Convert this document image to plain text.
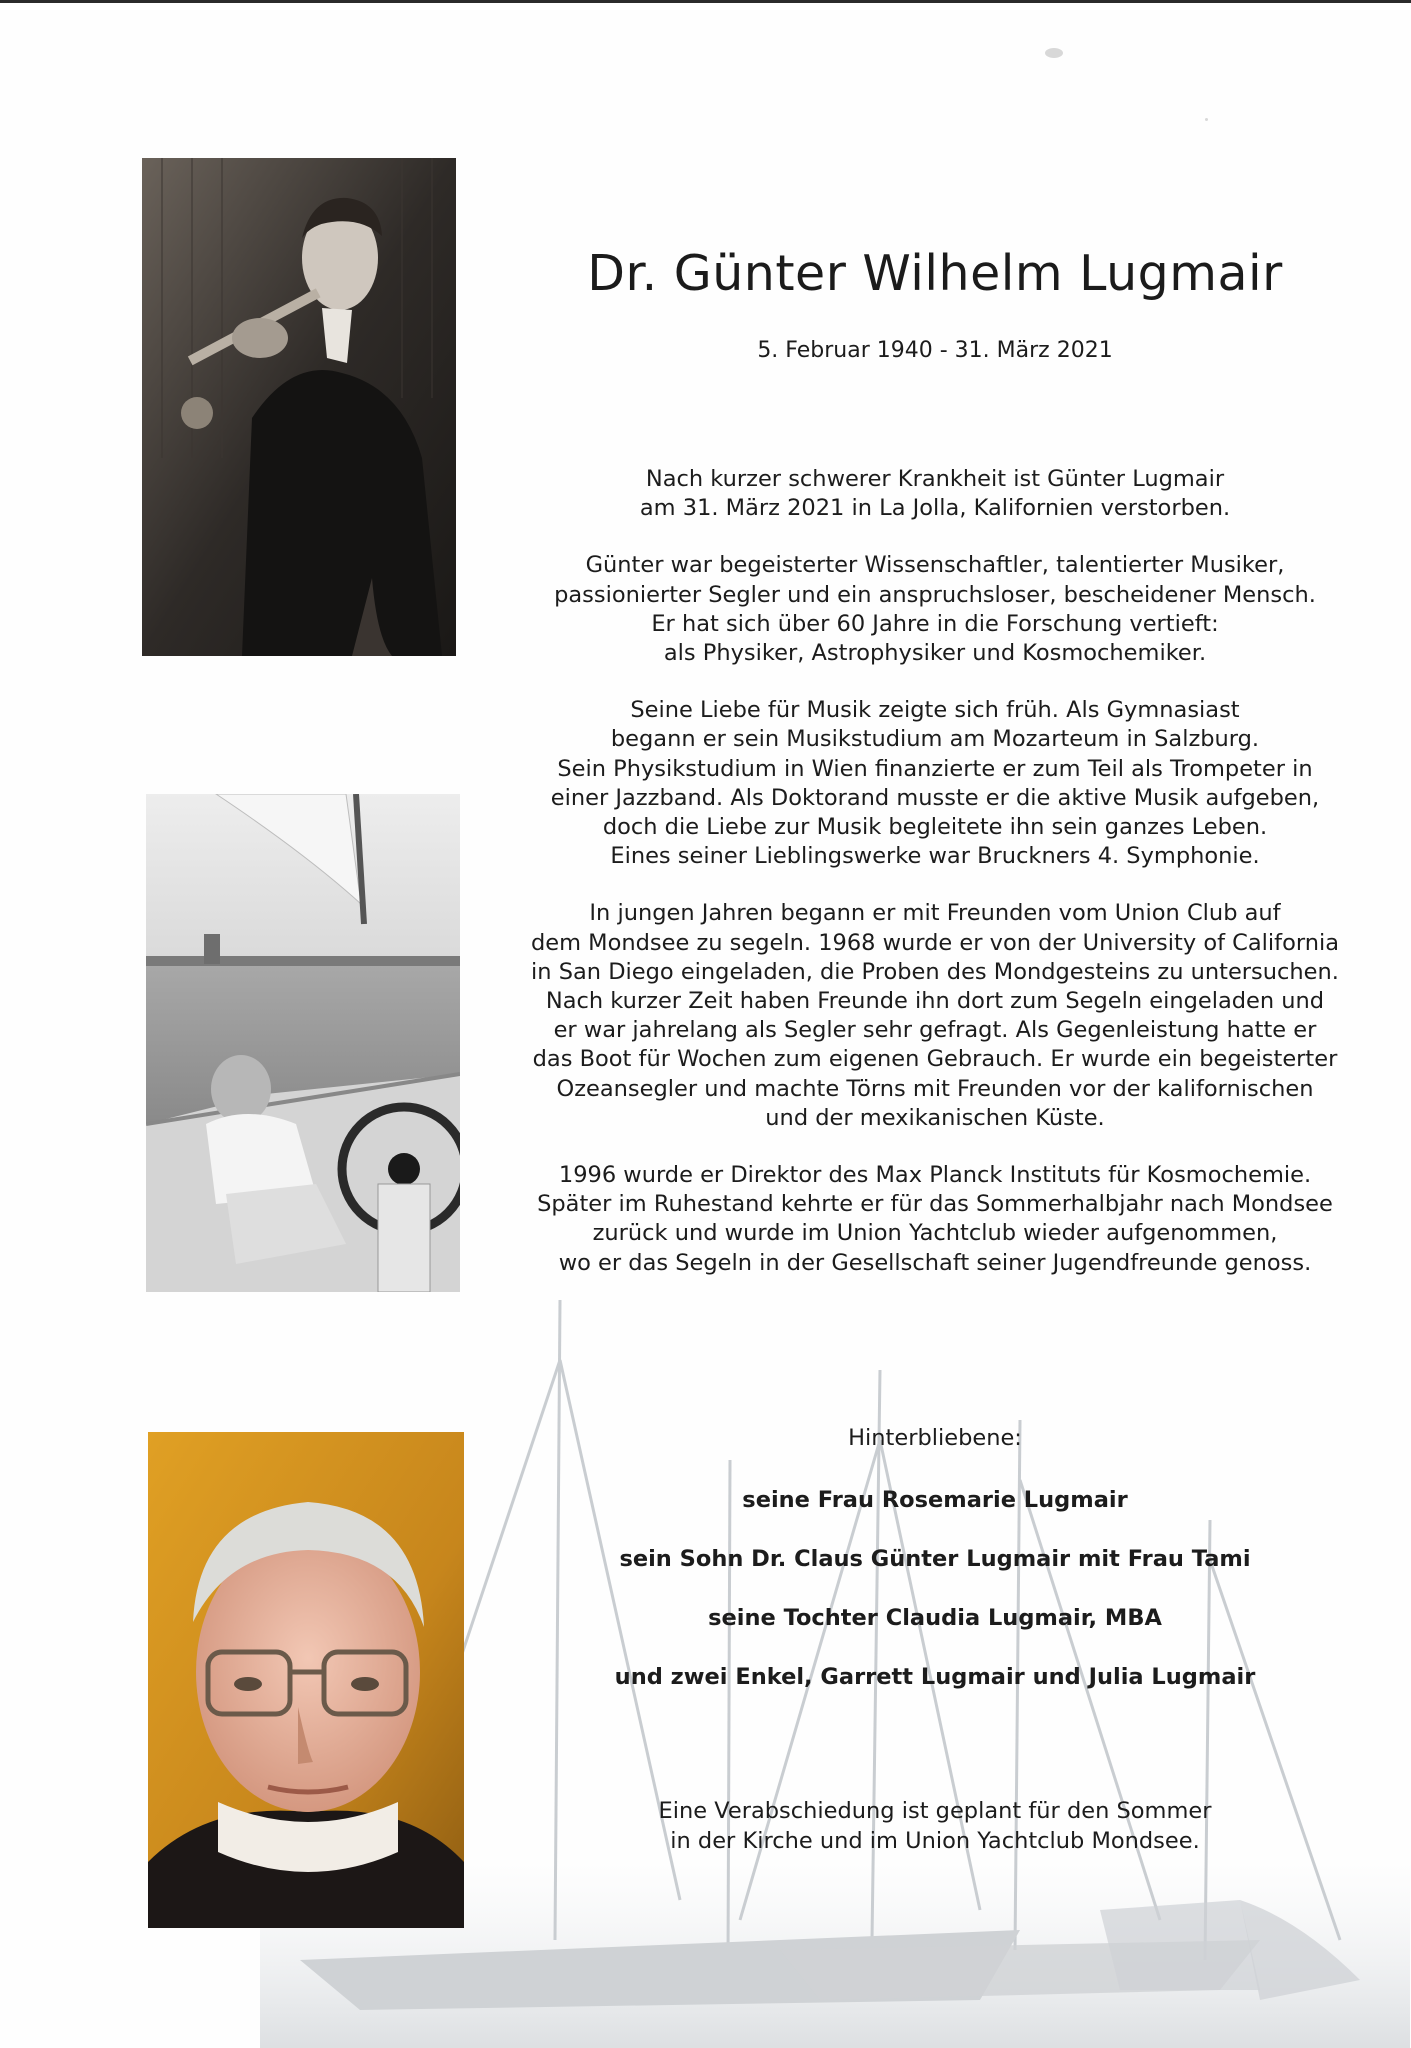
Dr. Günter Wilhelm Lugmair

5. Februar 1940 - 31. März 2021

Nach kurzer schwerer Krankheit ist Günter Lugmair
am 31. März 2021 in La Jolla, Kalifornien verstorben.

Günter war begeisterter Wissenschaftler, talentierter Musiker,
passionierter Segler und ein anspruchsloser, bescheidener Mensch.
Er hat sich über 60 Jahre in die Forschung vertieft:
als Physiker, Astrophysiker und Kosmochemiker.

Seine Liebe für Musik zeigte sich früh. Als Gymnasiast
begann er sein Musikstudium am Mozarteum in Salzburg.
Sein Physikstudium in Wien finanzierte er zum Teil als Trompeter in
einer Jazzband. Als Doktorand musste er die aktive Musik aufgeben,
doch die Liebe zur Musik begleitete ihn sein ganzes Leben.
Eines seiner Lieblingswerke war Bruckners 4. Symphonie.

In jungen Jahren begann er mit Freunden vom Union Club auf
dem Mondsee zu segeln. 1968 wurde er von der University of California
in San Diego eingeladen, die Proben des Mondgesteins zu untersuchen.
Nach kurzer Zeit haben Freunde ihn dort zum Segeln eingeladen und
er war jahrelang als Segler sehr gefragt. Als Gegenleistung hatte er
das Boot für Wochen zum eigenen Gebrauch. Er wurde ein begeisterter
Ozeansegler und machte Törns mit Freunden vor der kalifornischen
und der mexikanischen Küste.

1996 wurde er Direktor des Max Planck Instituts für Kosmochemie.
Später im Ruhestand kehrte er für das Sommerhalbjahr nach Mondsee
zurück und wurde im Union Yachtclub wieder aufgenommen,
wo er das Segeln in der Gesellschaft seiner Jugendfreunde genoss.

Hinterbliebene:

seine Frau Rosemarie Lugmair
sein Sohn Dr. Claus Günter Lugmair mit Frau Tami
seine Tochter Claudia Lugmair, MBA
und zwei Enkel, Garrett Lugmair und Julia Lugmair

Eine Verabschiedung ist geplant für den Sommer
in der Kirche und im Union Yachtclub Mondsee.
